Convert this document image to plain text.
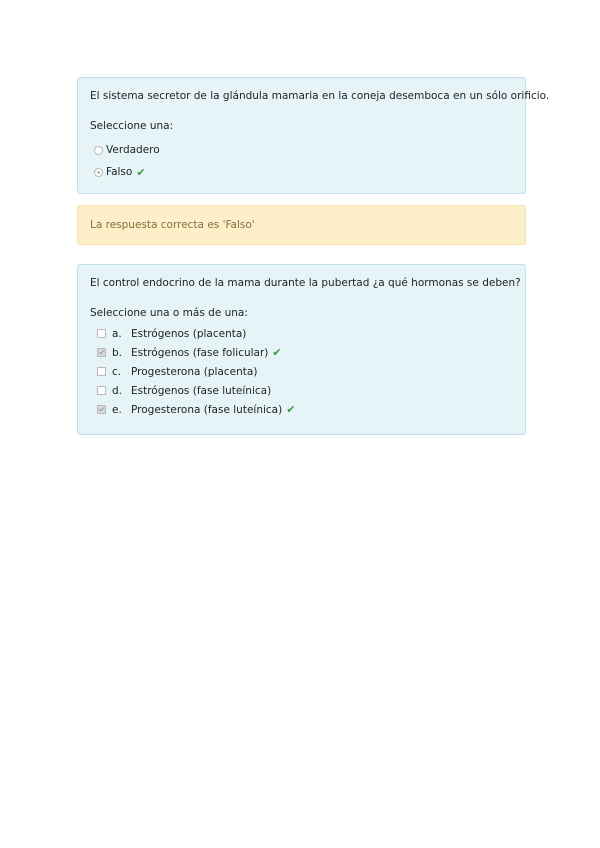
El sistema secretor de la glándula mamaria en la coneja desemboca en un sólo orificio.
Seleccione una:
Verdadero
Falso ✔
La respuesta correcta es 'Falso'
El control endocrino de la mama durante la pubertad ¿a qué hormonas se deben?
Seleccione una o más de una:
a. Estrógenos (placenta)
b. Estrógenos (fase folicular) ✔
c. Progesterona (placenta)
d. Estrógenos (fase luteínica)
e. Progesterona (fase luteínica) ✔
